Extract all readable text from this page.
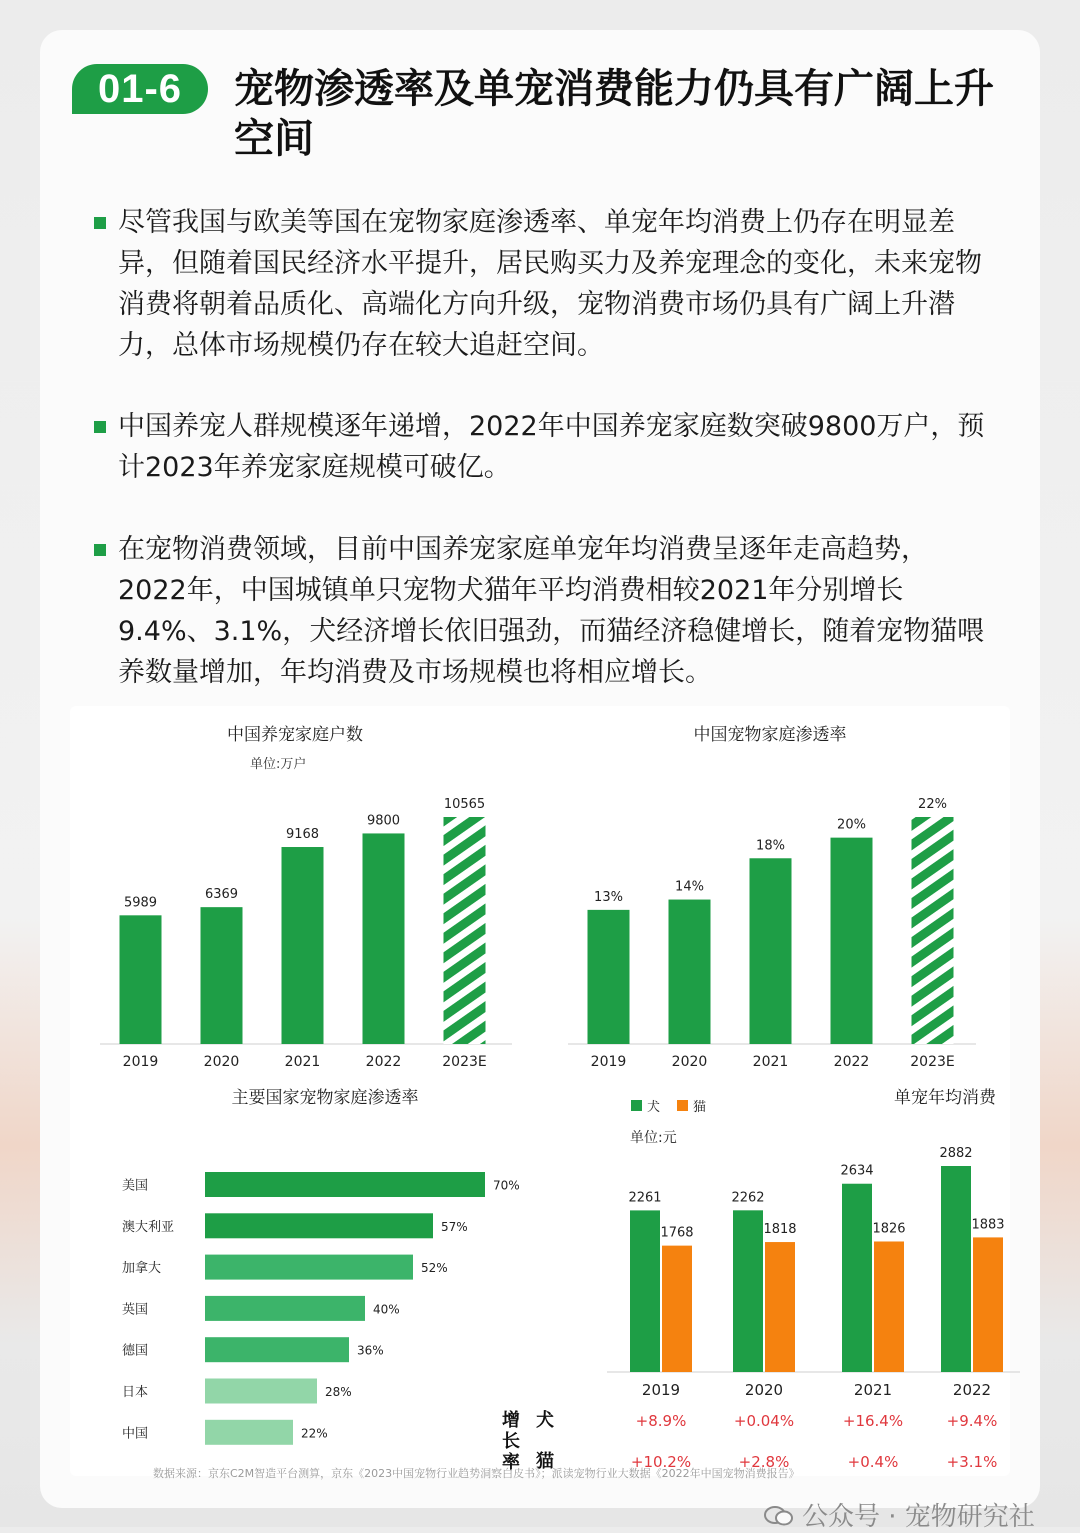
01-6	宠物渗透率及单宠消费能力仍具有广阔上升空间
尽管我国与欧美等国在宠物家庭渗透率、单宠年均消费上仍存在明显差异，但随着国民经济水平提升，居民购买力及养宠理念的变化，未来宠物消费将朝着品质化、高端化方向升级，宠物消费市场仍具有广阔上升潜力，总体市场规模仍存在较大追赶空间。
中国养宠人群规模逐年递增，2022年中国养宠家庭数突破9800万户，预计2023年养宠家庭规模可破亿。
在宠物消费领域，目前中国养宠家庭单宠年均消费呈逐年走高趋势，2022年，中国城镇单只宠物犬猫年平均消费相较2021年分别增长9.4%、3.1%，犬经济增长依旧强劲，而猫经济稳健增长，随着宠物猫喂养数量增加，年均消费及市场规模也将相应增长。
中国养宠家庭户数
单位:万户
5989
2019
6369
2020
9168
2021
9800
2022
10565
2023E
中国宠物家庭渗透率
13%
2019
14%
2020
18%
2021
20%
2022
22%
2023E
主要国家宠物家庭渗透率
美国	70%
澳大利亚	57%
加拿大	52%
英国	40%
德国	36%
日本	28%
中国	22%
单宠年均消费
犬	猫
单位:元
2261
1768
2019
2262
1818
2020
2634
1826
2021
2882
1883
2022
增
长
率
犬	+8.9%	+0.04%	+16.4%	+9.4%
猫	+10.2%	+2.8%	+0.4%	+3.1%
数据来源：京东C2M智造平台测算，京东《2023中国宠物行业趋势洞察白皮书》；派读宠物行业大数据《2022年中国宠物消费报告》
公众号 · 宠物研究社
